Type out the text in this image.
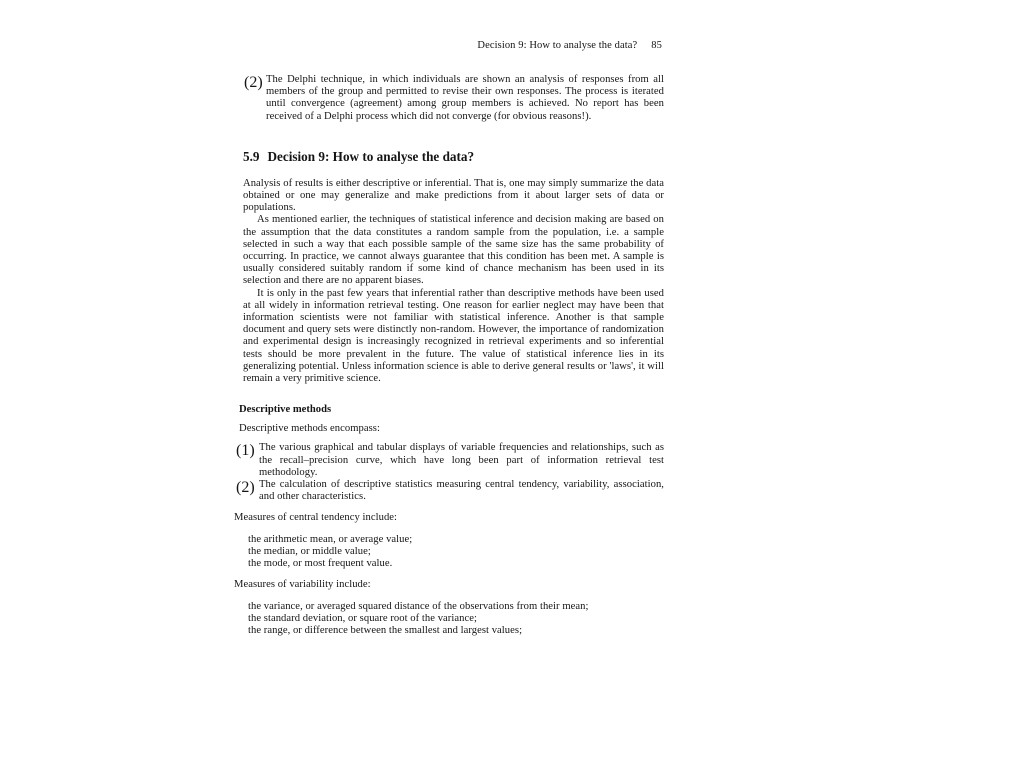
Decision 9: How to analyse the data? 85
(2) The Delphi technique, in which individuals are shown an analysis of responses from all members of the group and permitted to revise their own responses. The process is iterated until convergence (agreement) among group members is achieved. No report has been received of a Delphi process which did not converge (for obvious reasons!).

5.9 Decision 9: How to analyse the data?

Analysis of results is either descriptive or inferential. That is, one may simply summarize the data obtained or one may generalize and make predictions from it about larger sets of data or populations.

As mentioned earlier, the techniques of statistical inference and decision making are based on the assumption that the data constitutes a random sample from the population, i.e. a sample selected in such a way that each possible sample of the same size has the same probability of occurring. In practice, we cannot always guarantee that this condition has been met. A sample is usually considered suitably random if some kind of chance mechanism has been used in its selection and there are no apparent biases.

It is only in the past few years that inferential rather than descriptive methods have been used at all widely in information retrieval testing. One reason for earlier neglect may have been that information scientists were not familiar with statistical inference. Another is that sample document and query sets were distinctly non-random. However, the importance of randomization and experimental design is increasingly recognized in retrieval experiments and so inferential tests should be more prevalent in the future. The value of statistical inference lies in its generalizing potential. Unless information science is able to derive general results or 'laws', it will remain a very primitive science.

Descriptive methods

Descriptive methods encompass:

(1) The various graphical and tabular displays of variable frequencies and relationships, such as the recall–precision curve, which have long been part of information retrieval test methodology.

(2) The calculation of descriptive statistics measuring central tendency, variability, association, and other characteristics.

Measures of central tendency include:

the arithmetic mean, or average value;
the median, or middle value;
the mode, or most frequent value.

Measures of variability include:

the variance, or averaged squared distance of the observations from their mean;
the standard deviation, or square root of the variance;
the range, or difference between the smallest and largest values;
